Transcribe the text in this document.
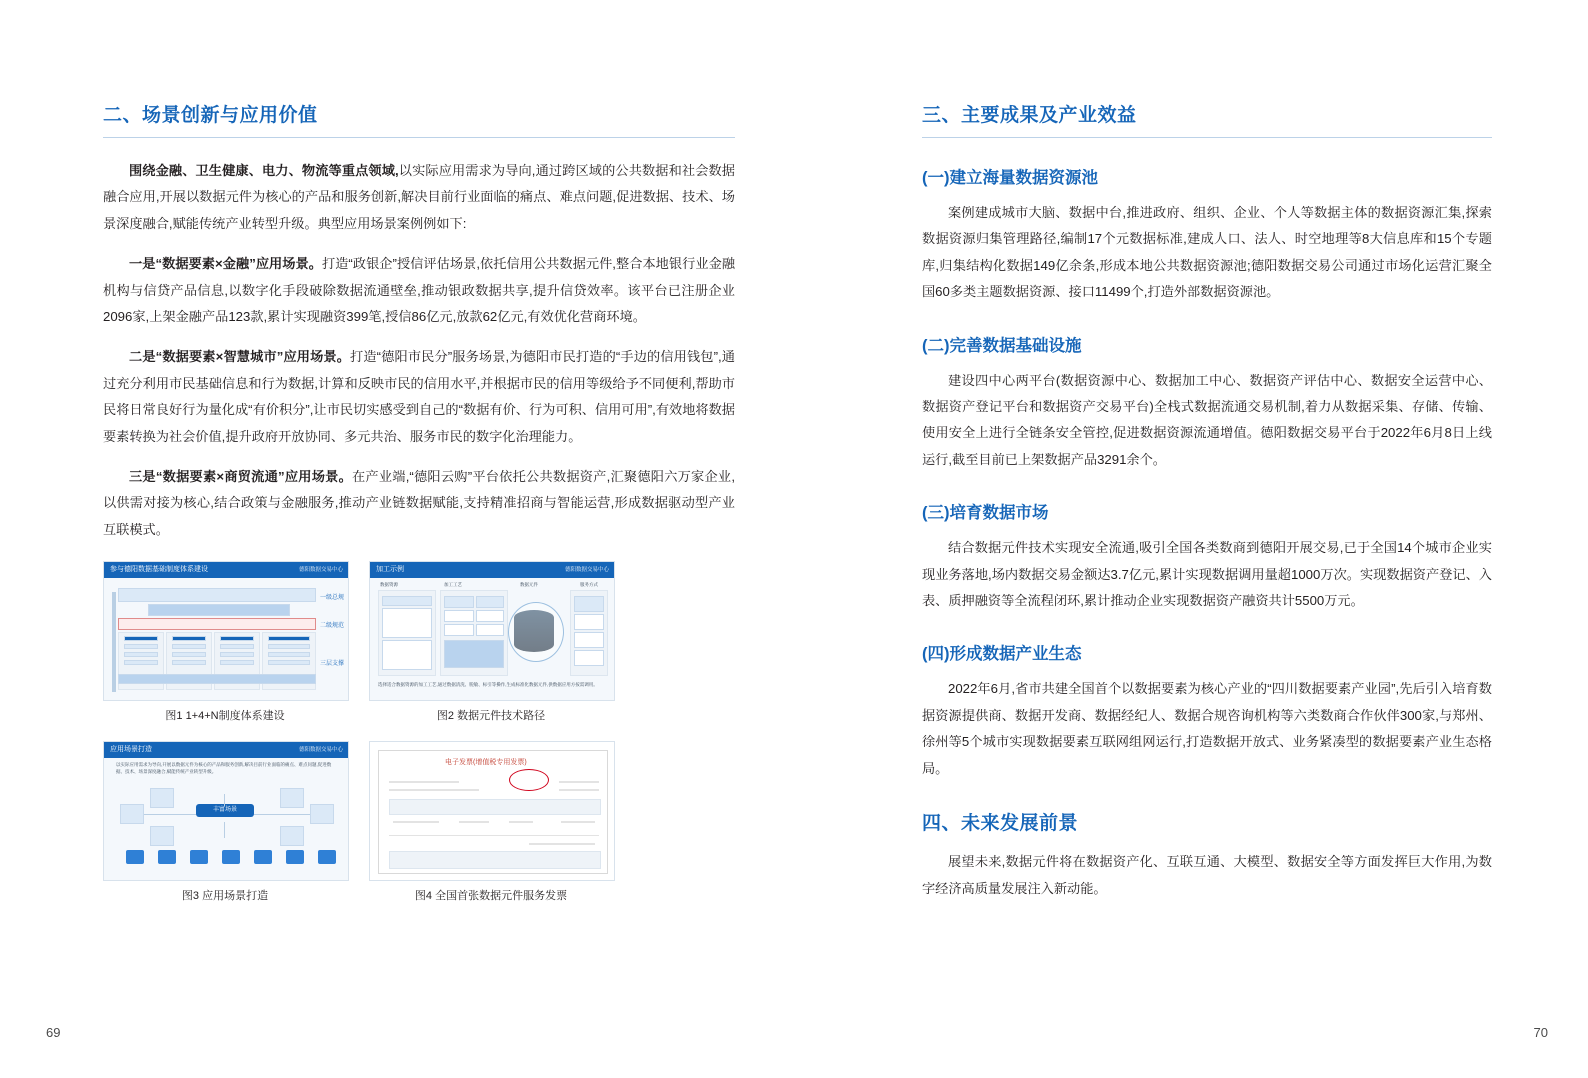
二、场景创新与应用价值

围绕金融、卫生健康、电力、物流等重点领域,以实际应用需求为导向,通过跨区域的公共数据和社会数据融合应用,开展以数据元件为核心的产品和服务创新,解决目前行业面临的痛点、难点问题,促进数据、技术、场景深度融合,赋能传统产业转型升级。典型应用场景案例例如下:

一是“数据要素×金融”应用场景。打造“政银企”授信评估场景,依托信用公共数据元件,整合本地银行业金融机构与信贷产品信息,以数字化手段破除数据流通壁垒,推动银政数据共享,提升信贷效率。该平台已注册企业2096家,上架金融产品123款,累计实现融资399笔,授信86亿元,放款62亿元,有效优化营商环境。

二是“数据要素×智慧城市”应用场景。打造“德阳市民分”服务场景,为德阳市民打造的“手边的信用钱包”,通过充分利用市民基础信息和行为数据,计算和反映市民的信用水平,并根据市民的信用等级给予不同便利,帮助市民将日常良好行为量化成“有价积分”,让市民切实感受到自己的“数据有价、行为可积、信用可用”,有效地将数据要素转换为社会价值,提升政府开放协同、多元共治、服务市民的数字化治理能力。

三是“数据要素×商贸流通”应用场景。在产业端,“德阳云购”平台依托公共数据资产,汇聚德阳六万家企业,以供需对接为核心,结合政策与金融服务,推动产业链数据赋能,支持精准招商与智能运营,形成数据驱动型产业互联模式。

参与德阳数据基础制度体系建设	德阳数据交易中心
一级总规
二级规范
三层支撑
图1 1+4+N制度体系建设
加工示例	德阳数据交易中心
数据资源	加工工艺	数据元件	服务方式
选择适合数据资源的加工工艺,通过数据清洗、脱敏、标引等操作,生成标准化数据元件,供数据应用方按需调用。
图2 数据元件技术路径
应用场景打造	德阳数据交易中心
以实际应用需求为导向,开展以数据元件为核心的产品和服务创新,解决目前行业面临的痛点、难点问题,促进数据、技术、场景深度融合,赋能传统产业转型升级。
丰富场景
图3 应用场景打造
电子发票(增值税专用发票)
图4 全国首张数据元件服务发票
69
三、主要成果及产业效益
(一)建立海量数据资源池

案例建成城市大脑、数据中台,推进政府、组织、企业、个人等数据主体的数据资源汇集,探索数据资源归集管理路径,编制17个元数据标准,建成人口、法人、时空地理等8大信息库和15个专题库,归集结构化数据149亿余条,形成本地公共数据资源池;德阳数据交易公司通过市场化运营汇聚全国60多类主题数据资源、接口11499个,打造外部数据资源池。

(二)完善数据基础设施

建设四中心两平台(数据资源中心、数据加工中心、数据资产评估中心、数据安全运营中心、数据资产登记平台和数据资产交易平台)全栈式数据流通交易机制,着力从数据采集、存储、传输、使用安全上进行全链条安全管控,促进数据资源流通增值。德阳数据交易平台于2022年6月8日上线运行,截至目前已上架数据产品3291余个。

(三)培育数据市场

结合数据元件技术实现安全流通,吸引全国各类数商到德阳开展交易,已于全国14个城市企业实现业务落地,场内数据交易金额达3.7亿元,累计实现数据调用量超1000万次。实现数据资产登记、入表、质押融资等全流程闭环,累计推动企业实现数据资产融资共计5500万元。

(四)形成数据产业生态

2022年6月,省市共建全国首个以数据要素为核心产业的“四川数据要素产业园”,先后引入培育数据资源提供商、数据开发商、数据经纪人、数据合规咨询机构等六类数商合作伙伴300家,与郑州、徐州等5个城市实现数据要素互联网组网运行,打造数据开放式、业务紧凑型的数据要素产业生态格局。

四、未来发展前景

展望未来,数据元件将在数据资产化、互联互通、大模型、数据安全等方面发挥巨大作用,为数字经济高质量发展注入新动能。

70
